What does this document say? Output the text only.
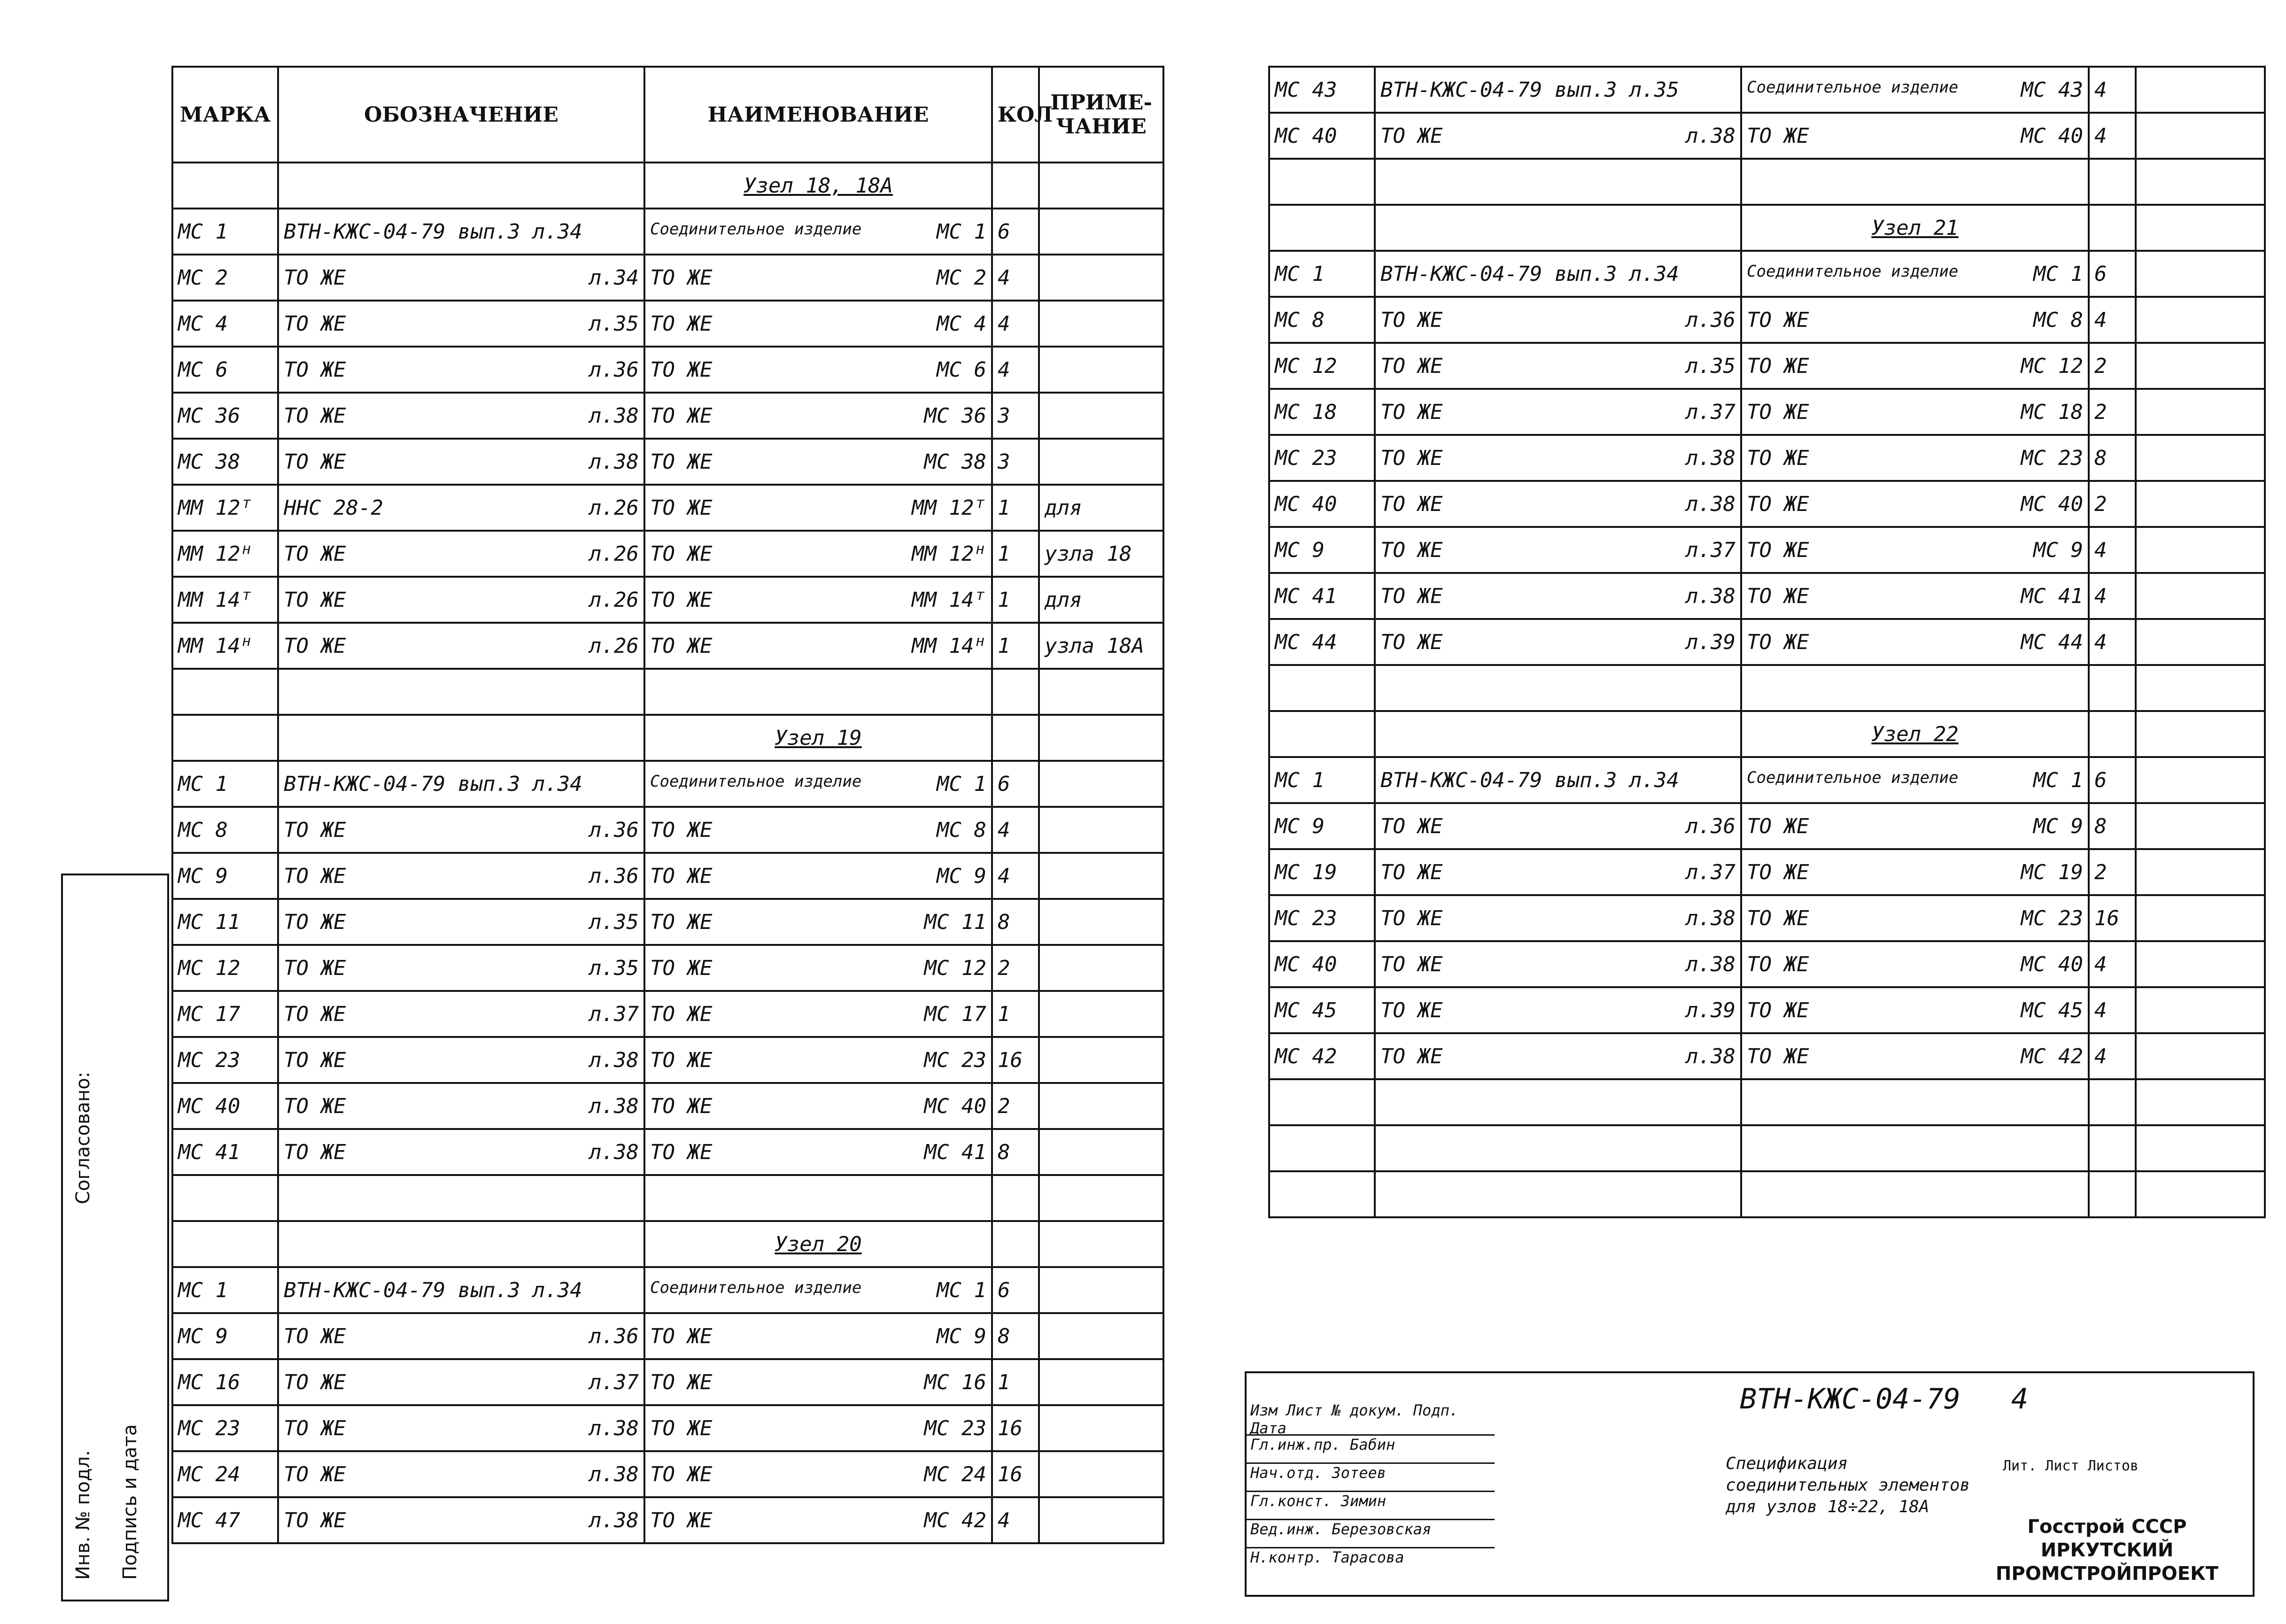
Согласовано:
Инв. № подл. Подпись и дата
МАРКА	ОБОЗНАЧЕНИЕ	НАИМЕНОВАНИЕ	КОЛ	ПРИМЕ-ЧАНИЕ
		Узел 18, 18А		
МС 1	ВТН-КЖС-04-79 вып.3 л.34	Соединительное изделие МС 1	6	
МС 2	ТО ЖЕ л.34	ТО ЖЕ МС 2	4	
МС 4	ТО ЖЕ л.35	ТО ЖЕ МС 4	4	
МС 6	ТО ЖЕ л.36	ТО ЖЕ МС 6	4	
МС 36	ТО ЖЕ л.38	ТО ЖЕ МС 36	3	
МС 38	ТО ЖЕ л.38	ТО ЖЕ МС 38	3	
ММ 12ᵀ	ННС 28-2 л.26	ТО ЖЕ ММ 12ᵀ	1	для
ММ 12ᴴ	ТО ЖЕ л.26	ТО ЖЕ ММ 12ᴴ	1	узла 18
ММ 14ᵀ	ТО ЖЕ л.26	ТО ЖЕ ММ 14ᵀ	1	для
ММ 14ᴴ	ТО ЖЕ л.26	ТО ЖЕ ММ 14ᴴ	1	узла 18А

		Узел 19		
МС 1	ВТН-КЖС-04-79 вып.3 л.34	Соединительное изделие МС 1	6	
МС 8	ТО ЖЕ л.36	ТО ЖЕ МС 8	4	
МС 9	ТО ЖЕ л.36	ТО ЖЕ МС 9	4	
МС 11	ТО ЖЕ л.35	ТО ЖЕ МС 11	8	
МС 12	ТО ЖЕ л.35	ТО ЖЕ МС 12	2	
МС 17	ТО ЖЕ л.37	ТО ЖЕ МС 17	1	
МС 23	ТО ЖЕ л.38	ТО ЖЕ МС 23	16	
МС 40	ТО ЖЕ л.38	ТО ЖЕ МС 40	2	
МС 41	ТО ЖЕ л.38	ТО ЖЕ МС 41	8	

		Узел 20		
МС 1	ВТН-КЖС-04-79 вып.3 л.34	Соединительное изделие МС 1	6	
МС 9	ТО ЖЕ л.36	ТО ЖЕ МС 9	8	
МС 16	ТО ЖЕ л.37	ТО ЖЕ МС 16	1	
МС 23	ТО ЖЕ л.38	ТО ЖЕ МС 23	16	
МС 24	ТО ЖЕ л.38	ТО ЖЕ МС 24	16	
МС 47	ТО ЖЕ л.38	ТО ЖЕ МС 42	4	
МС 43	ВТН-КЖС-04-79 вып.3 л.35	Соединительное изделие МС 43	4	
МС 40	ТО ЖЕ л.38	ТО ЖЕ МС 40	4	

		Узел 21		
МС 1	ВТН-КЖС-04-79 вып.3 л.34	Соединительное изделие МС 1	6	
МС 8	ТО ЖЕ л.36	ТО ЖЕ МС 8	4	
МС 12	ТО ЖЕ л.35	ТО ЖЕ МС 12	2	
МС 18	ТО ЖЕ л.37	ТО ЖЕ МС 18	2	
МС 23	ТО ЖЕ л.38	ТО ЖЕ МС 23	8	
МС 40	ТО ЖЕ л.38	ТО ЖЕ МС 40	2	
МС 9	ТО ЖЕ л.37	ТО ЖЕ МС 9	4	
МС 41	ТО ЖЕ л.38	ТО ЖЕ МС 41	4	
МС 44	ТО ЖЕ л.39	ТО ЖЕ МС 44	4	

		Узел 22		
МС 1	ВТН-КЖС-04-79 вып.3 л.34	Соединительное изделие МС 1	6	
МС 9	ТО ЖЕ л.36	ТО ЖЕ МС 9	8	
МС 19	ТО ЖЕ л.37	ТО ЖЕ МС 19	2	
МС 23	ТО ЖЕ л.38	ТО ЖЕ МС 23	16	
МС 40	ТО ЖЕ л.38	ТО ЖЕ МС 40	4	
МС 45	ТО ЖЕ л.39	ТО ЖЕ МС 45	4	
МС 42	ТО ЖЕ л.38	ТО ЖЕ МС 42	4	

ВТН-КЖС-04-79 4
Изм Лист № докум. Подп. Дата
Гл.инж.пр. Бабин
Нач.отд. Зотеев
Гл.конст. Зимин
Вед.инж. Березовская
Н.контр. Тарасова
Спецификация соединительных элементов для узлов 18÷22, 18А
Лит. Лист Листов
Госстрой СССР ИРКУТСКИЙ ПРОМСТРОЙПРОЕКТ
